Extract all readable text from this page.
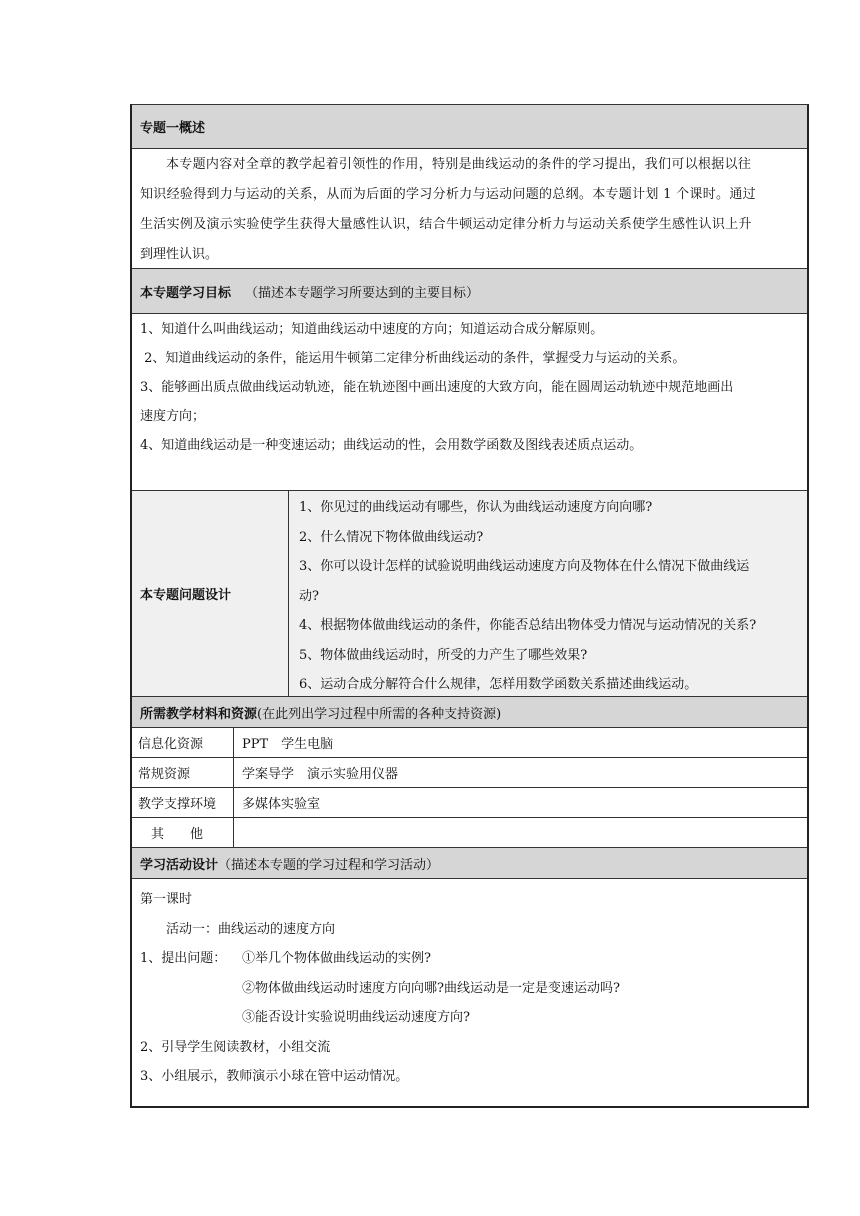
专题一概述
本专题内容对全章的教学起着引领性的作用，特别是曲线运动的条件的学习提出，我们可以根据以往
知识经验得到力与运动的关系，从而为后面的学习分析力与运动问题的总纲。本专题计划 1 个课时。通过
生活实例及演示实验使学生获得大量感性认识，结合牛顿运动定律分析力与运动关系使学生感性认识上升
到理性认识。
本专题学习目标 （描述本专题学习所要达到的主要目标）
1、知道什么叫曲线运动；知道曲线运动中速度的方向；知道运动合成分解原则。
2、知道曲线运动的条件，能运用牛顿第二定律分析曲线运动的条件，掌握受力与运动的关系。
3、能够画出质点做曲线运动轨迹，能在轨迹图中画出速度的大致方向，能在圆周运动轨迹中规范地画出
速度方向；
4、知道曲线运动是一种变速运动；曲线运动的性，会用数学函数及图线表述质点运动。
本专题问题设计
1、你见过的曲线运动有哪些，你认为曲线运动速度方向向哪?
2、什么情况下物体做曲线运动?
3、你可以设计怎样的试验说明曲线运动速度方向及物体在什么情况下做曲线运
动?
4、根据物体做曲线运动的条件，你能否总结出物体受力情况与运动情况的关系?
5、物体做曲线运动时，所受的力产生了哪些效果?
6、运动合成分解符合什么规律，怎样用数学函数关系描述曲线运动。
所需教学材料和资源 (在此列出学习过程中所需的各种支持资源)
信息化资源	PPT　学生电脑
常规资源	学案导学　演示实验用仪器
教学支撑环境	多媒体实验室
　其　　他
学习活动设计 （描述本专题的学习过程和学习活动）
第一课时
活动一：曲线运动的速度方向
1、提出问题：	①举几个物体做曲线运动的实例?
②物体做曲线运动时速度方向向哪?曲线运动是一定是变速运动吗?
③能否设计实验说明曲线运动速度方向?
2、引导学生阅读教材，小组交流
3、小组展示，教师演示小球在管中运动情况。
